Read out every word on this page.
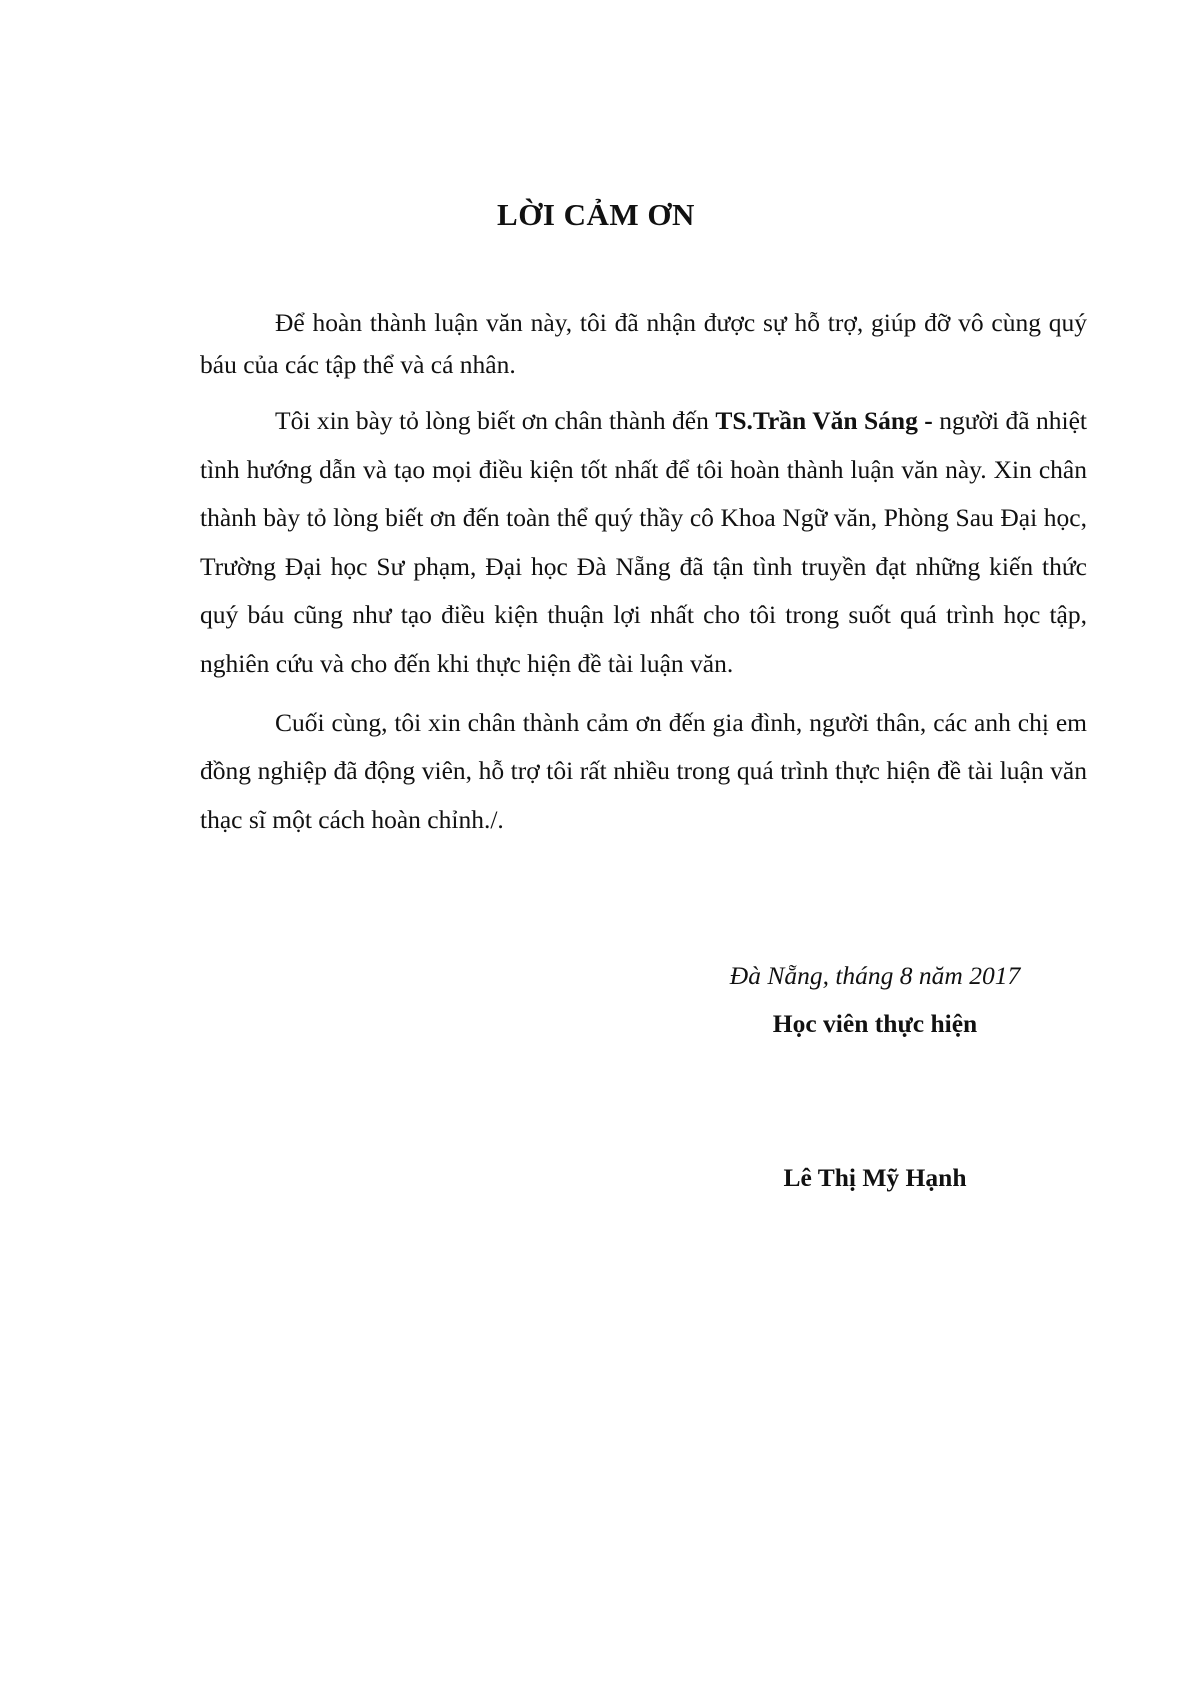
LỜI CẢM ƠN

Để hoàn thành luận văn này, tôi đã nhận được sự hỗ trợ, giúp đỡ vô cùng quý báu của các tập thể và cá nhân.

Tôi xin bày tỏ lòng biết ơn chân thành đến TS.Trần Văn Sáng - người đã nhiệt tình hướng dẫn và tạo mọi điều kiện tốt nhất để tôi hoàn thành luận văn này. Xin chân thành bày tỏ lòng biết ơn đến toàn thể quý thầy cô Khoa Ngữ văn, Phòng Sau Đại học, Trường Đại học Sư phạm, Đại học Đà Nẵng đã tận tình truyền đạt những kiến thức quý báu cũng như tạo điều kiện thuận lợi nhất cho tôi trong suốt quá trình học tập, nghiên cứu và cho đến khi thực hiện đề tài luận văn.

Cuối cùng, tôi xin chân thành cảm ơn đến gia đình, người thân, các anh chị em đồng nghiệp đã động viên, hỗ trợ tôi rất nhiều trong quá trình thực hiện đề tài luận văn thạc sĩ một cách hoàn chỉnh./.

Đà Nẵng, tháng 8 năm 2017
Học viên thực hiện
Lê Thị Mỹ Hạnh
